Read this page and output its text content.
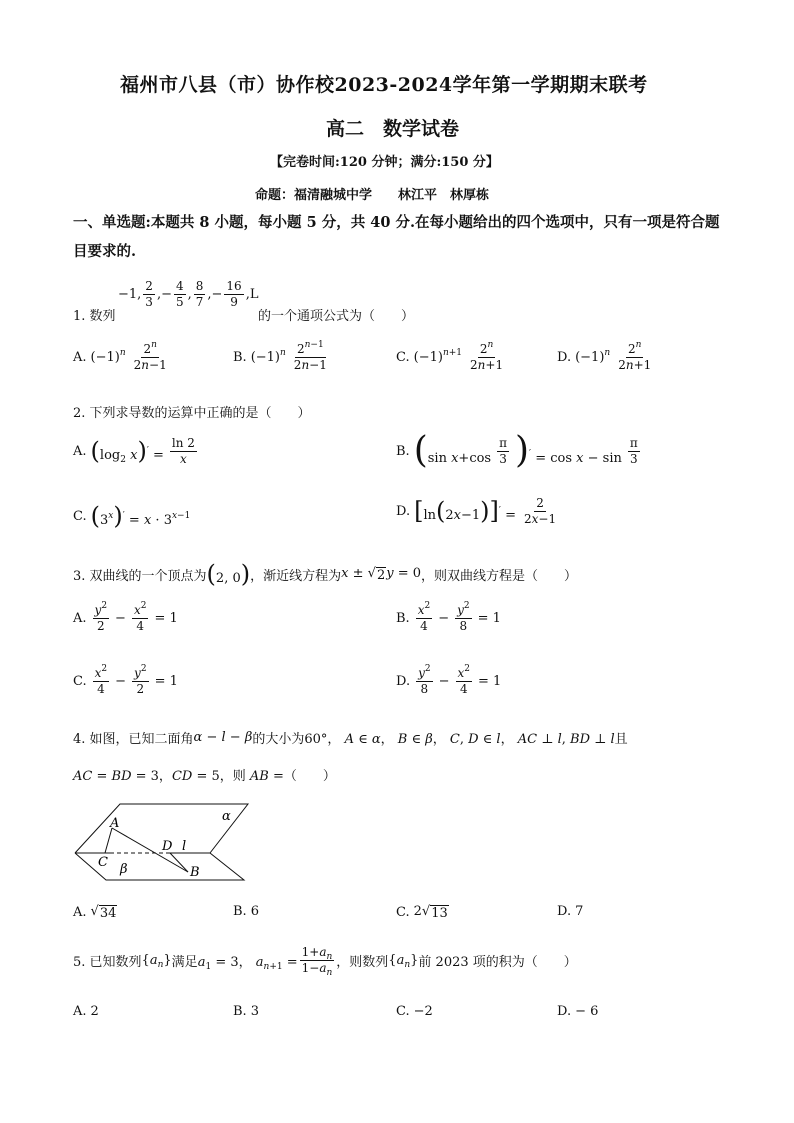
福州市八县（市）协作校2023-2024学年第一学期期末联考
高二　数学试卷
【完卷时间:120 分钟；满分:150 分】
命题：福清融城中学　　林江平　林厚栋
一、单选题:本题共 8 小题，每小题 5 分，共 40 分.在每小题给出的四个选项中，只有一项是符合题目要求的.
1. 数列
−1, $\frac{2}{3}$ ,− $\frac{4}{5}$ , $\frac{8}{7}$ ,− $\frac{16}{9} ,L$
的一个通项公式为（　　）
A. $(-1)^n \frac{2^n}{2n-1}$	B. $(-1)^n \frac{2^{n-1}}{2n-1}$	C. $(-1)^{n+1} \frac{2^n}{2n+1}$	D. $(-1)^n \frac{2^n}{2n+1}$
2. 下列求导数的运算中正确的是（　　）
A. ($\log_2$ $x)' = \frac{\ln 2}{x}$	B. (sin $x+\cos \frac{\pi}{3} )' = \cos x - \sin \frac{\pi}{3}$
C. $(3^x)' = x \cdot 3^{x-1}$	D. $[\ln(2x-1)]' = \frac{2}{2x-1}$
3. 双曲线的一个顶点为 (2, 0) ，渐近线方程为 x ± √ 2 y = 0 ，则双曲线方程是（　　）
A. $\frac{y^2}{2} - \frac{x^2}{4} = 1$	B. $\frac{x^2}{4} - \frac{y^2}{8} = 1$
C. $\frac{x^2}{4} - \frac{y^2}{2} = 1$	D. $\frac{y^2}{8} - \frac{x^2}{4} = 1$
4. 如图，已知二面角 α − l − β 的大小为 60°， A ∈ α， B ∈ β， C, D ∈ l， AC ⊥ l, BD ⊥ l 且
AC = BD = 3，CD = 5，则 AB =（　　）
α
β
A
B
C
D l
A. √ 34	B. 6	C. 2√ 13	D. 7
5. 已知数列 $\{a_n\}$ 满足 $a_1 = 3$， $a_{n+1} = \frac{1+a_n}{1-a_n}$ ，则数列 $\{a_n\}$ 前 2023 项的积为（　　）
A. 2	B. 3	C. −2	D. − 6
